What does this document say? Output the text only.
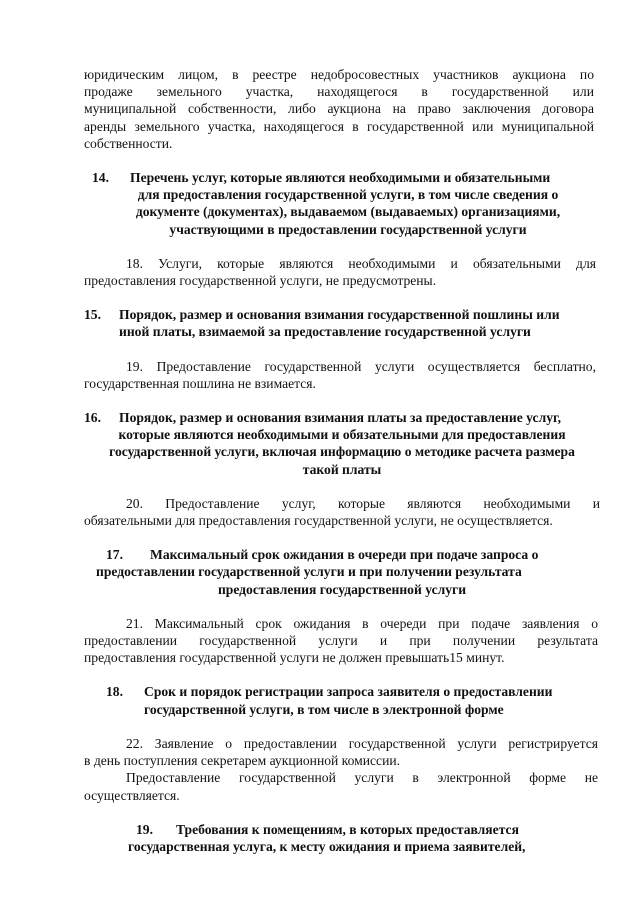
юридическим лицом, в реестре недобросовестных участников аукциона по

продаже земельного участка, находящегося в государственной или

муниципальной собственности, либо аукциона на право заключения договора

аренды земельного участка, находящегося в государственной или муниципальной

собственности.

14. Перечень услуг, которые являются необходимыми и обязательными
для предоставления государственной услуги, в том числе сведения о
документе (документах), выдаваемом (выдаваемых) организациями,
участвующими в предоставлении государственной услуги

18. Услуги, которые являются необходимыми и обязательными для

предоставления государственной услуги, не предусмотрены.

15. Порядок, размер и основания взимания государственной пошлины или
иной платы, взимаемой за предоставление государственной услуги

19. Предоставление государственной услуги осуществляется бесплатно,

государственная пошлина не взимается.

16. Порядок, размер и основания взимания платы за предоставление услуг,
которые являются необходимыми и обязательными для предоставления
государственной услуги, включая информацию о методике расчета размера
такой платы

20. Предоставление услуг, которые являются необходимыми и

обязательными для предоставления государственной услуги, не осуществляется.

17. Максимальный срок ожидания в очереди при подаче запроса о
предоставлении государственной услуги и при получении результата
предоставления государственной услуги

21. Максимальный срок ожидания в очереди при подаче заявления о

предоставлении государственной услуги и при получении результата

предоставления государственной услуги не должен превышать15 минут.

18. Срок и порядок регистрации запроса заявителя о предоставлении
государственной услуги, в том числе в электронной форме

22. Заявление о предоставлении государственной услуги регистрируется

в день поступления секретарем аукционной комиссии.

Предоставление государственной услуги в электронной форме не

осуществляется.

19. Требования к помещениям, в которых предоставляется
государственная услуга, к месту ожидания и приема заявителей,
